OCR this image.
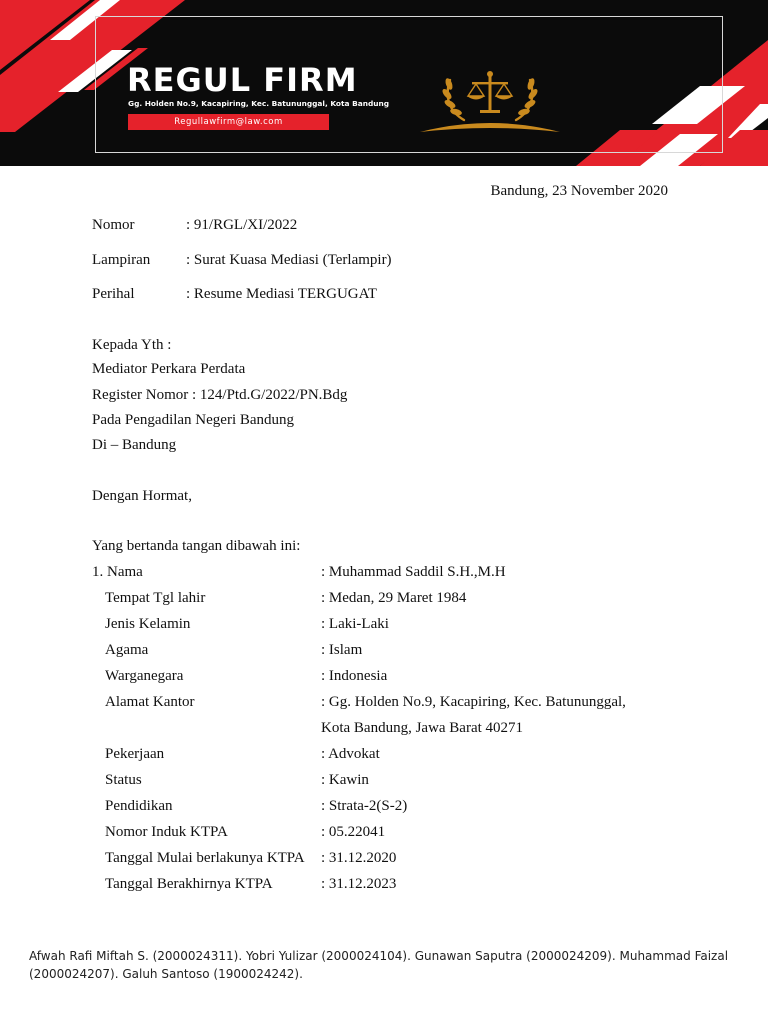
REGUL FIRM
Gg. Holden No.9, Kacapiring, Kec. Batununggal, Kota Bandung
Regullawfirm@law.com
Bandung, 23 November 2020
Nomor	: 91/RGL/XI/2022
Lampiran : Surat Kuasa Mediasi (Terlampir)
Perihal	: Resume Mediasi TERGUGAT
Kepada Yth :
Mediator Perkara Perdata
Register Nomor : 124/Ptd.G/2022/PN.Bdg
Pada Pengadilan Negeri Bandung
Di – Bandung
Dengan Hormat,
Yang bertanda tangan dibawah ini:
1. Nama	: Muhammad Saddil S.H.,M.H
Tempat Tgl lahir	: Medan, 29 Maret 1984
Jenis Kelamin	: Laki-Laki
Agama	: Islam
Warganegara	: Indonesia
Alamat Kantor	: Gg. Holden No.9, Kacapiring, Kec. Batununggal,
Kota Bandung, Jawa Barat 40271
Pekerjaan	: Advokat
Status	: Kawin
Pendidikan	: Strata-2(S-2)
Nomor Induk KTPA	: 05.22041
Tanggal Mulai berlakunya KTPA : 31.12.2020
Tanggal Berakhirnya KTPA	: 31.12.2023
Afwah Rafi Miftah S. (2000024311). Yobri Yulizar (2000024104). Gunawan Saputra (2000024209). Muhammad Faizal (2000024207). Galuh Santoso (1900024242).
